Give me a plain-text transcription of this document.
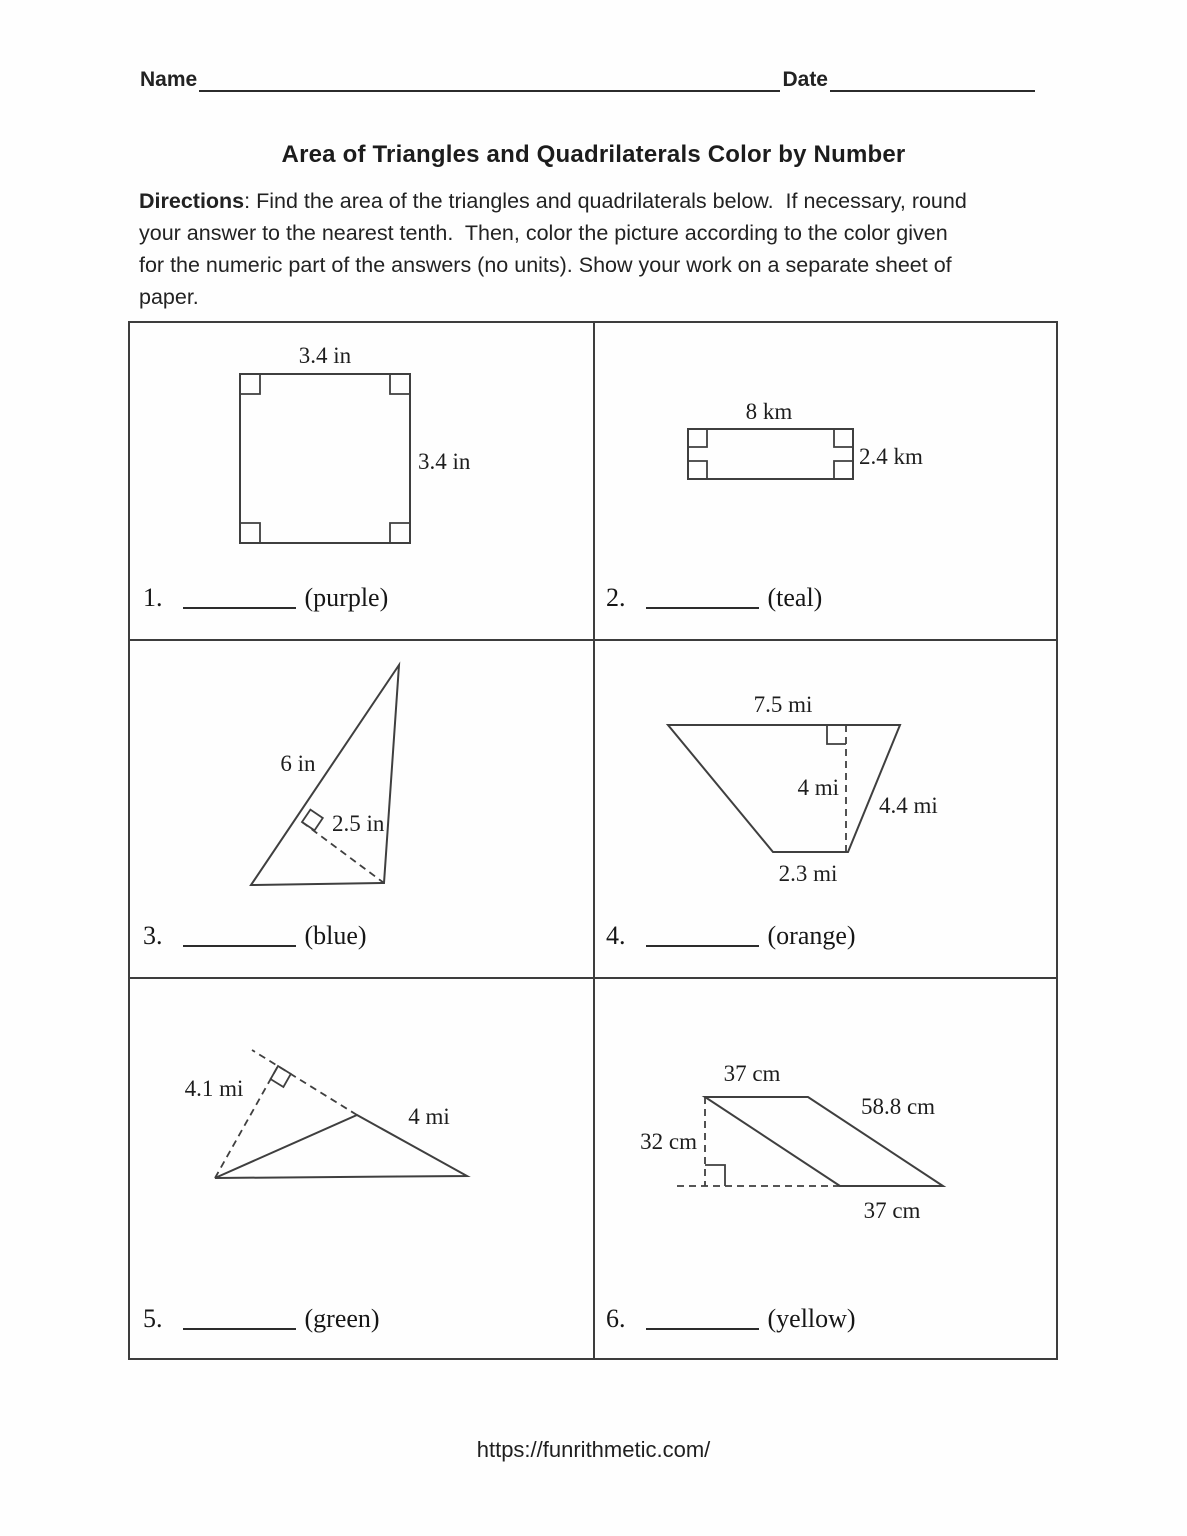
Name	Date
Area of Triangles and Quadrilaterals Color by Number
Directions: Find the area of the triangles and quadrilaterals below.  If necessary, round
your answer to the nearest tenth.  Then, color the picture according to the color given
for the numeric part of the answers (no units). Show your work on a separate sheet of
paper.
3.4 in
3.4 in
1.	(purple)
8 km
2.4 km
2.	(teal)
6 in
2.5 in
3.	(blue)
7.5 mi
4 mi
4.4 mi
2.3 mi
4.	(orange)
4.1 mi
4 mi
5.	(green)
37 cm
58.8 cm
32 cm
37 cm
6.	(yellow)
https://funrithmetic.com/
